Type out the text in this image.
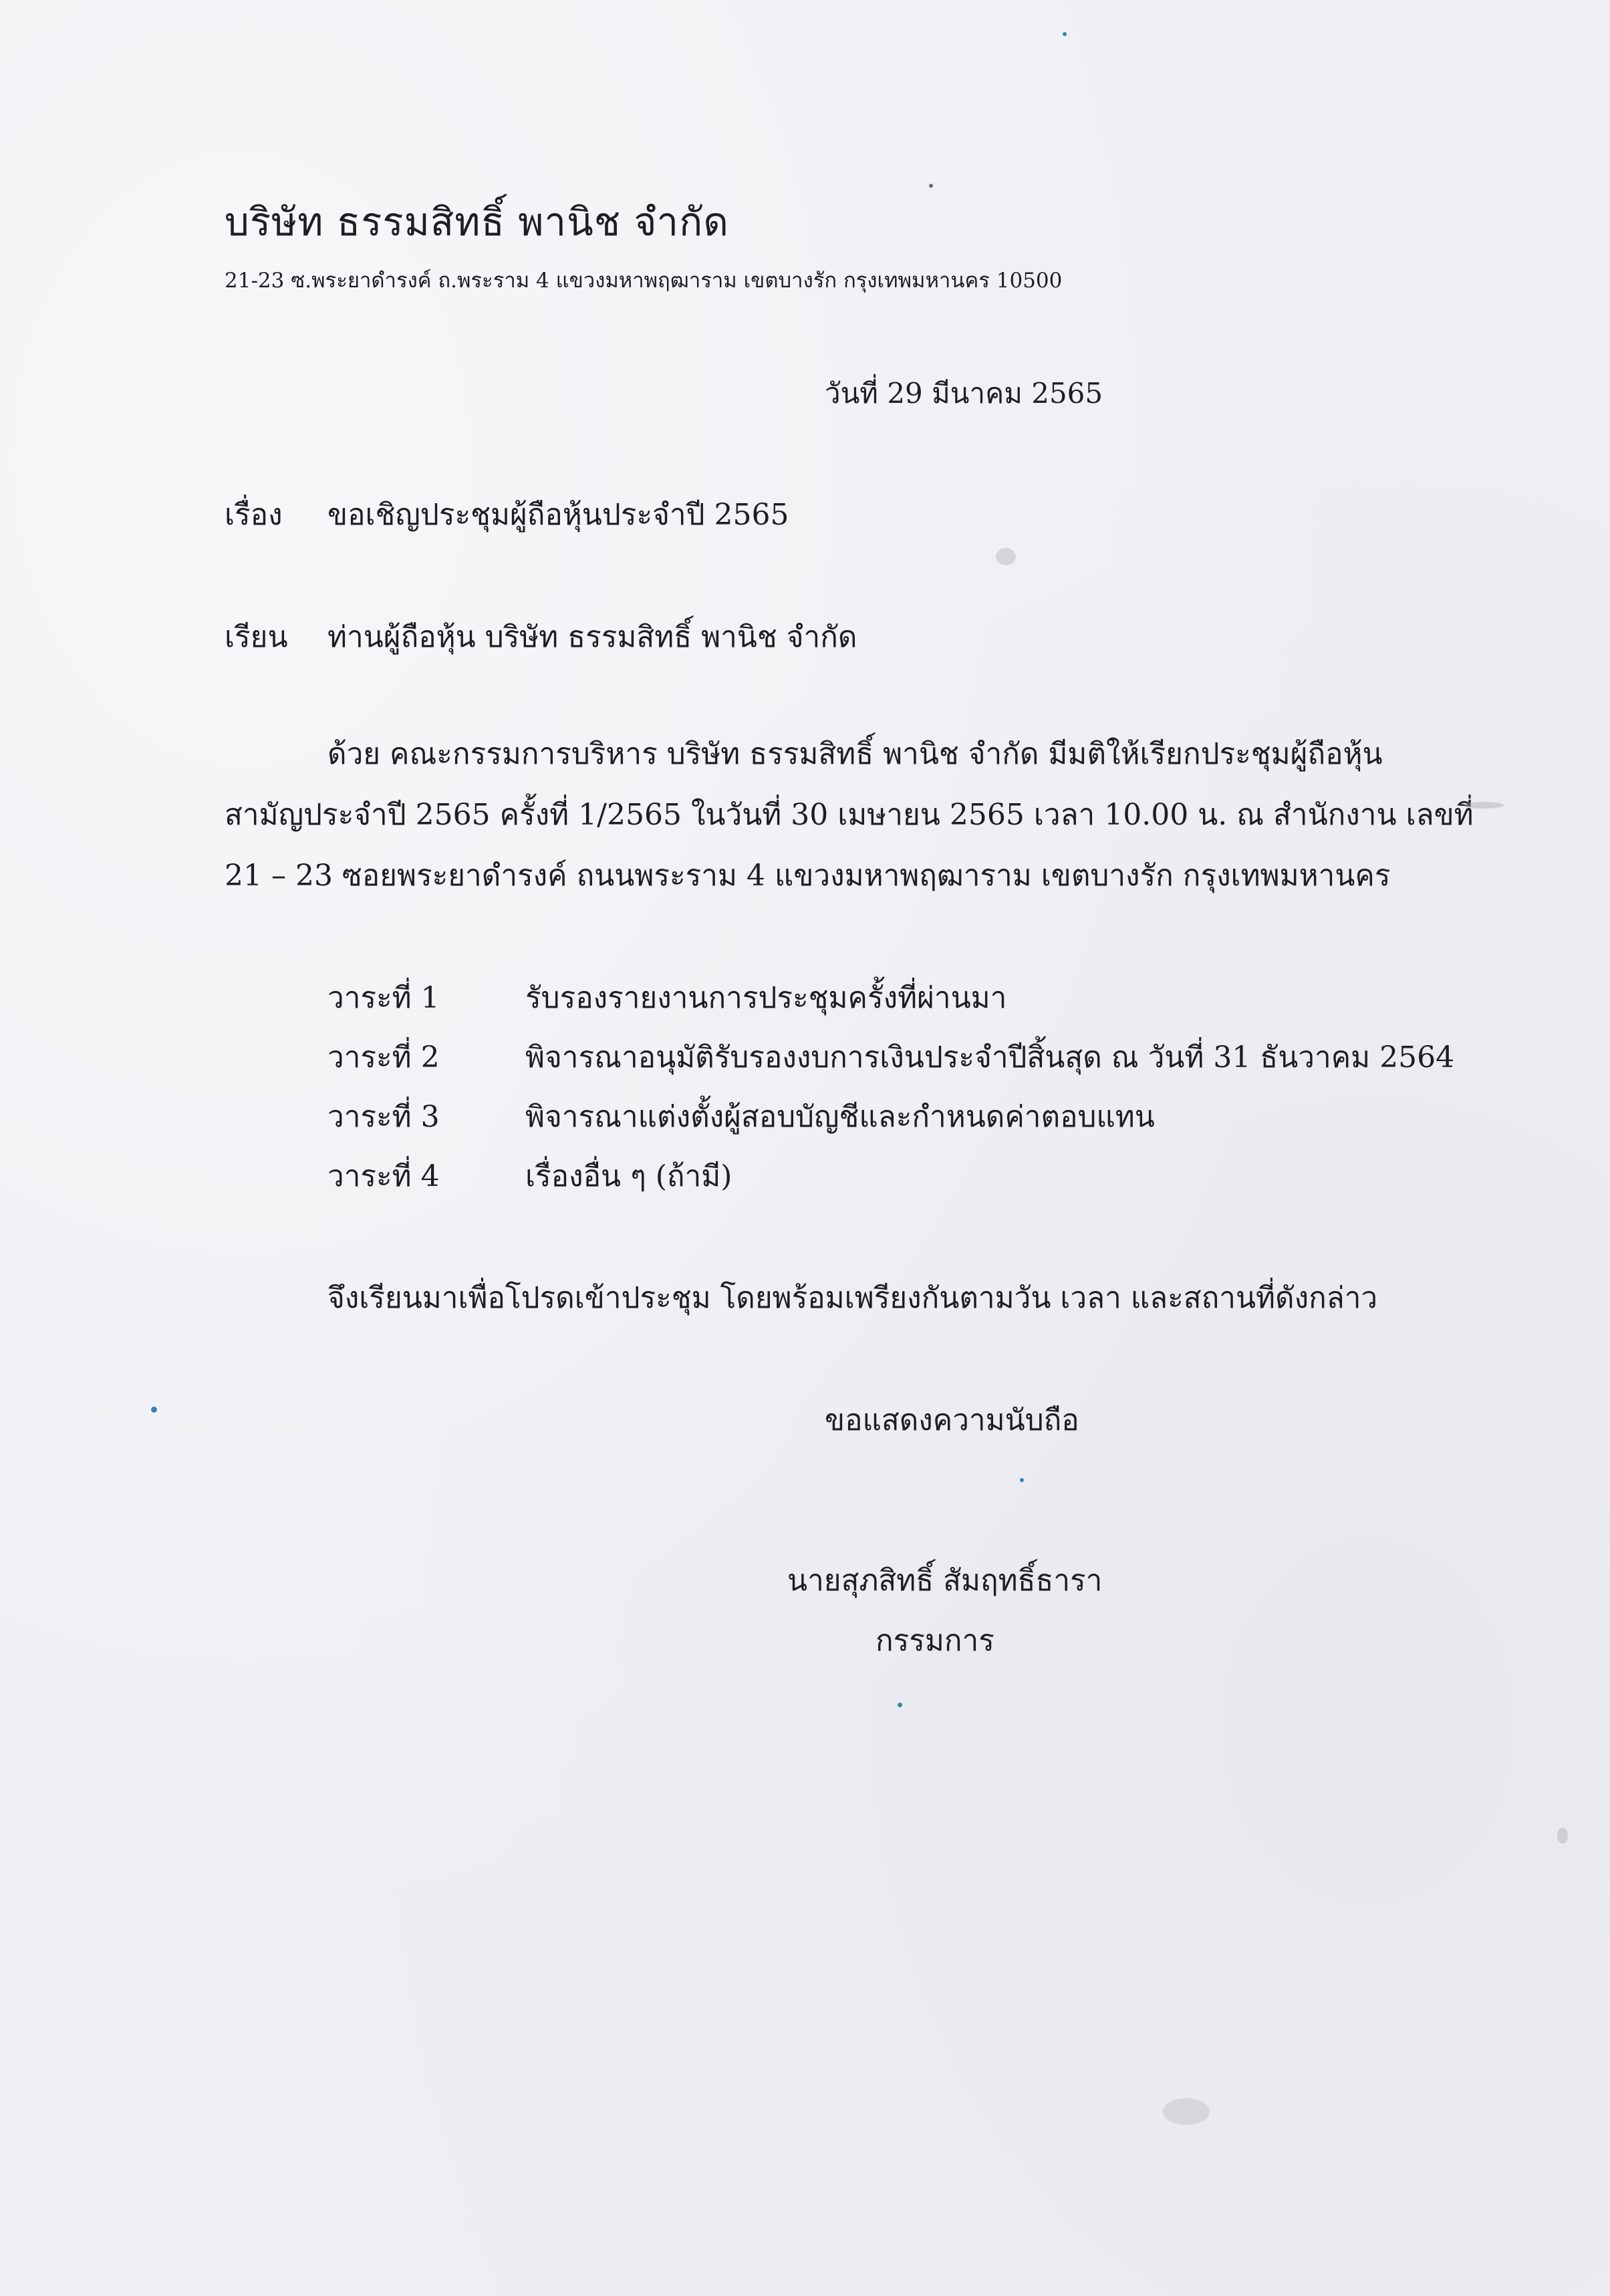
บริษัท ธรรมสิทธิ์ พานิช จำกัด
21-23 ซ.พระยาดำรงค์ ถ.พระราม 4 แขวงมหาพฤฒาราม เขตบางรัก กรุงเทพมหานคร 10500
วันที่ 29 มีนาคม 2565
เรื่อง ขอเชิญประชุมผู้ถือหุ้นประจำปี 2565
เรียน ท่านผู้ถือหุ้น บริษัท ธรรมสิทธิ์ พานิช จำกัด
ด้วย คณะกรรมการบริหาร บริษัท ธรรมสิทธิ์ พานิช จำกัด มีมติให้เรียกประชุมผู้ถือหุ้น
สามัญประจำปี 2565 ครั้งที่ 1/2565 ในวันที่ 30 เมษายน 2565 เวลา 10.00 น. ณ สำนักงาน เลขที่
21 – 23 ซอยพระยาดำรงค์ ถนนพระราม 4 แขวงมหาพฤฒาราม เขตบางรัก กรุงเทพมหานคร
วาระที่ 1	รับรองรายงานการประชุมครั้งที่ผ่านมา
วาระที่ 2	พิจารณาอนุมัติรับรองงบการเงินประจำปีสิ้นสุด ณ วันที่ 31 ธันวาคม 2564
วาระที่ 3	พิจารณาแต่งตั้งผู้สอบบัญชีและกำหนดค่าตอบแทน
วาระที่ 4	เรื่องอื่น ๆ (ถ้ามี)
จึงเรียนมาเพื่อโปรดเข้าประชุม โดยพร้อมเพรียงกันตามวัน เวลา และสถานที่ดังกล่าว
ขอแสดงความนับถือ
นายสุภสิทธิ์ สัมฤทธิ์ธารา
กรรมการ
